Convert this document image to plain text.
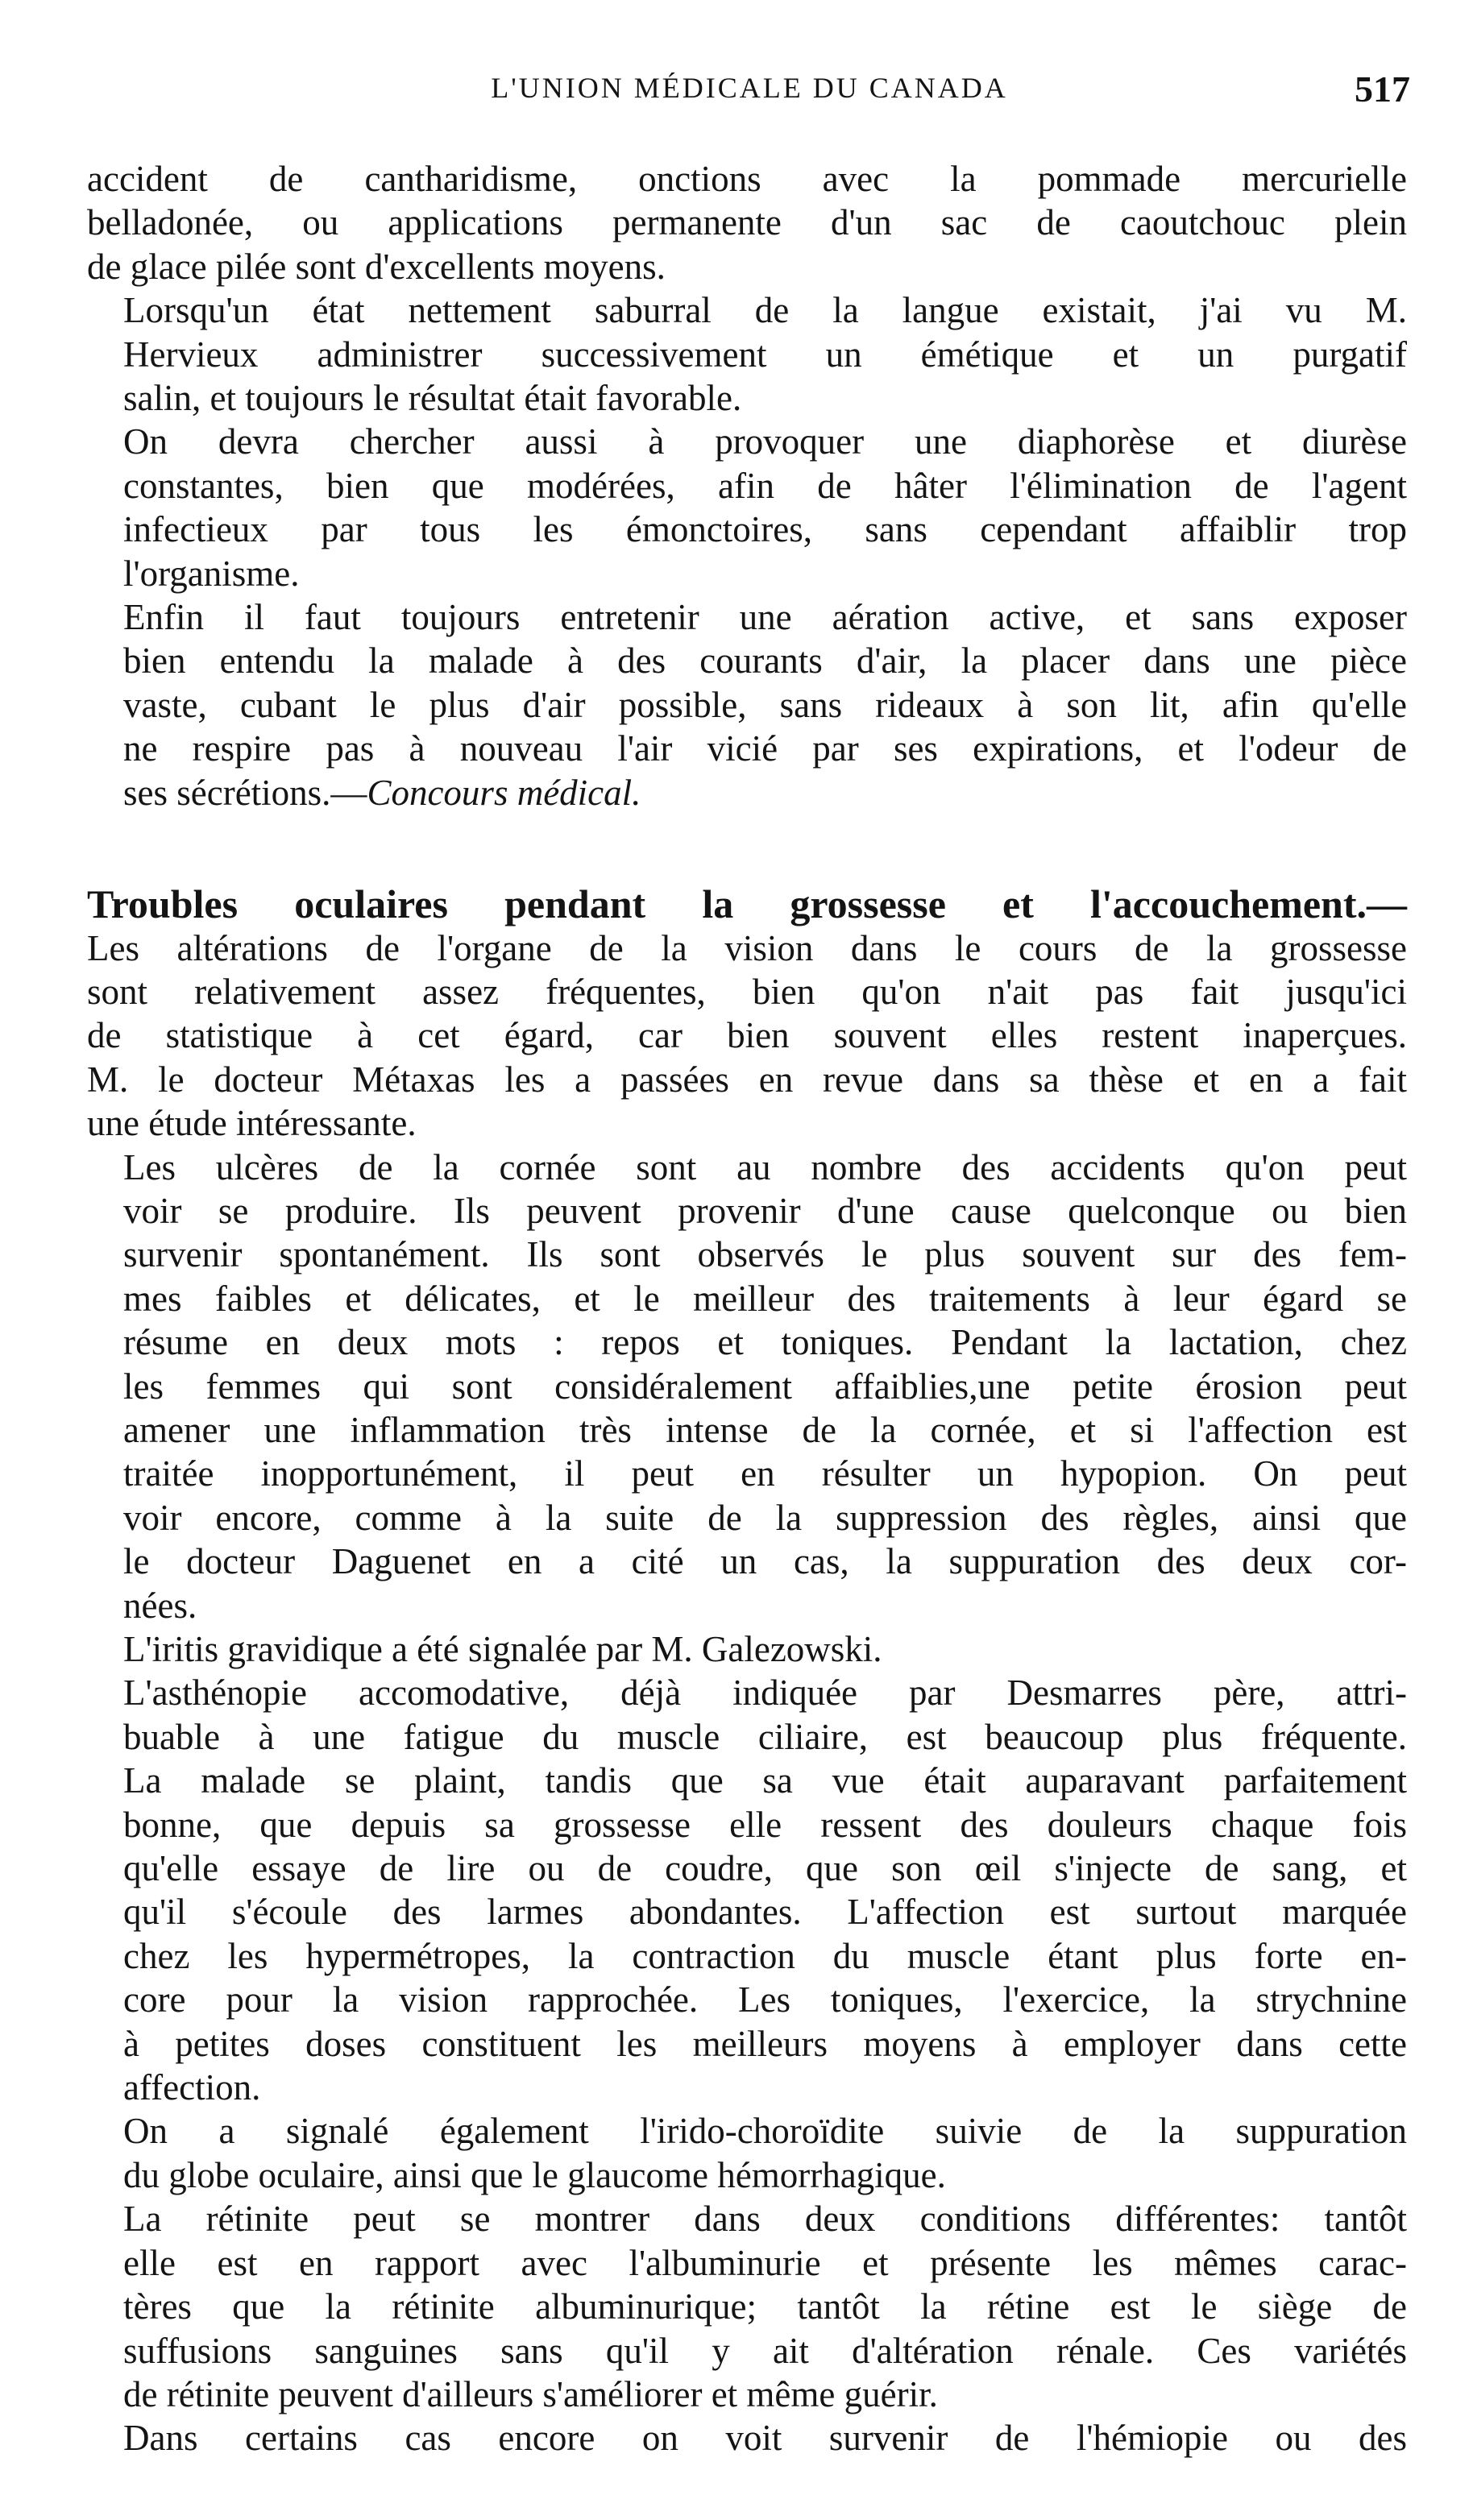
L'UNION MÉDICALE DU CANADA	517

accident de cantharidisme, onctions avec la pommade mercurielle
belladonée, ou applications permanente d'un sac de caoutchouc plein
de glace pilée sont d'excellents moyens.

Lorsqu'un état nettement saburral de la langue existait, j'ai vu M.
Hervieux administrer successivement un émétique et un purgatif
salin, et toujours le résultat était favorable.

On devra chercher aussi à provoquer une diaphorèse et diurèse
constantes, bien que modérées, afin de hâter l'élimination de l'agent
infectieux par tous les émonctoires, sans cependant affaiblir trop
l'organisme.

Enfin il faut toujours entretenir une aération active, et sans exposer
bien entendu la malade à des courants d'air, la placer dans une pièce
vaste, cubant le plus d'air possible, sans rideaux à son lit, afin qu'elle
ne respire pas à nouveau l'air vicié par ses expirations, et l'odeur de
ses sécrétions.—Concours médical.

Troubles oculaires pendant la grossesse et l'accouchement.—
Les altérations de l'organe de la vision dans le cours de la grossesse
sont relativement assez fréquentes, bien qu'on n'ait pas fait jusqu'ici
de statistique à cet égard, car bien souvent elles restent inaperçues.
M. le docteur Métaxas les a passées en revue dans sa thèse et en a fait
une étude intéressante.

Les ulcères de la cornée sont au nombre des accidents qu'on peut
voir se produire. Ils peuvent provenir d'une cause quelconque ou bien
survenir spontanément. Ils sont observés le plus souvent sur des fem-
mes faibles et délicates, et le meilleur des traitements à leur égard se
résume en deux mots : repos et toniques. Pendant la lactation, chez
les femmes qui sont considéralement affaiblies,une petite érosion peut
amener une inflammation très intense de la cornée, et si l'affection est
traitée inopportunément, il peut en résulter un hypopion. On peut
voir encore, comme à la suite de la suppression des règles, ainsi que
le docteur Daguenet en a cité un cas, la suppuration des deux cor-
nées.

L'iritis gravidique a été signalée par M. Galezowski.

L'asthénopie accomodative, déjà indiquée par Desmarres père, attri-
buable à une fatigue du muscle ciliaire, est beaucoup plus fréquente.
La malade se plaint, tandis que sa vue était auparavant parfaitement
bonne, que depuis sa grossesse elle ressent des douleurs chaque fois
qu'elle essaye de lire ou de coudre, que son œil s'injecte de sang, et
qu'il s'écoule des larmes abondantes. L'affection est surtout marquée
chez les hypermétropes, la contraction du muscle étant plus forte en-
core pour la vision rapprochée. Les toniques, l'exercice, la strychnine
à petites doses constituent les meilleurs moyens à employer dans cette
affection.

On a signalé également l'irido-choroïdite suivie de la suppuration
du globe oculaire, ainsi que le glaucome hémorrhagique.

La rétinite peut se montrer dans deux conditions différentes: tantôt
elle est en rapport avec l'albuminurie et présente les mêmes carac-
tères que la rétinite albuminurique; tantôt la rétine est le siège de
suffusions sanguines sans qu'il y ait d'altération rénale. Ces variétés
de rétinite peuvent d'ailleurs s'améliorer et même guérir.

Dans certains cas encore on voit survenir de l'hémiopie ou des
